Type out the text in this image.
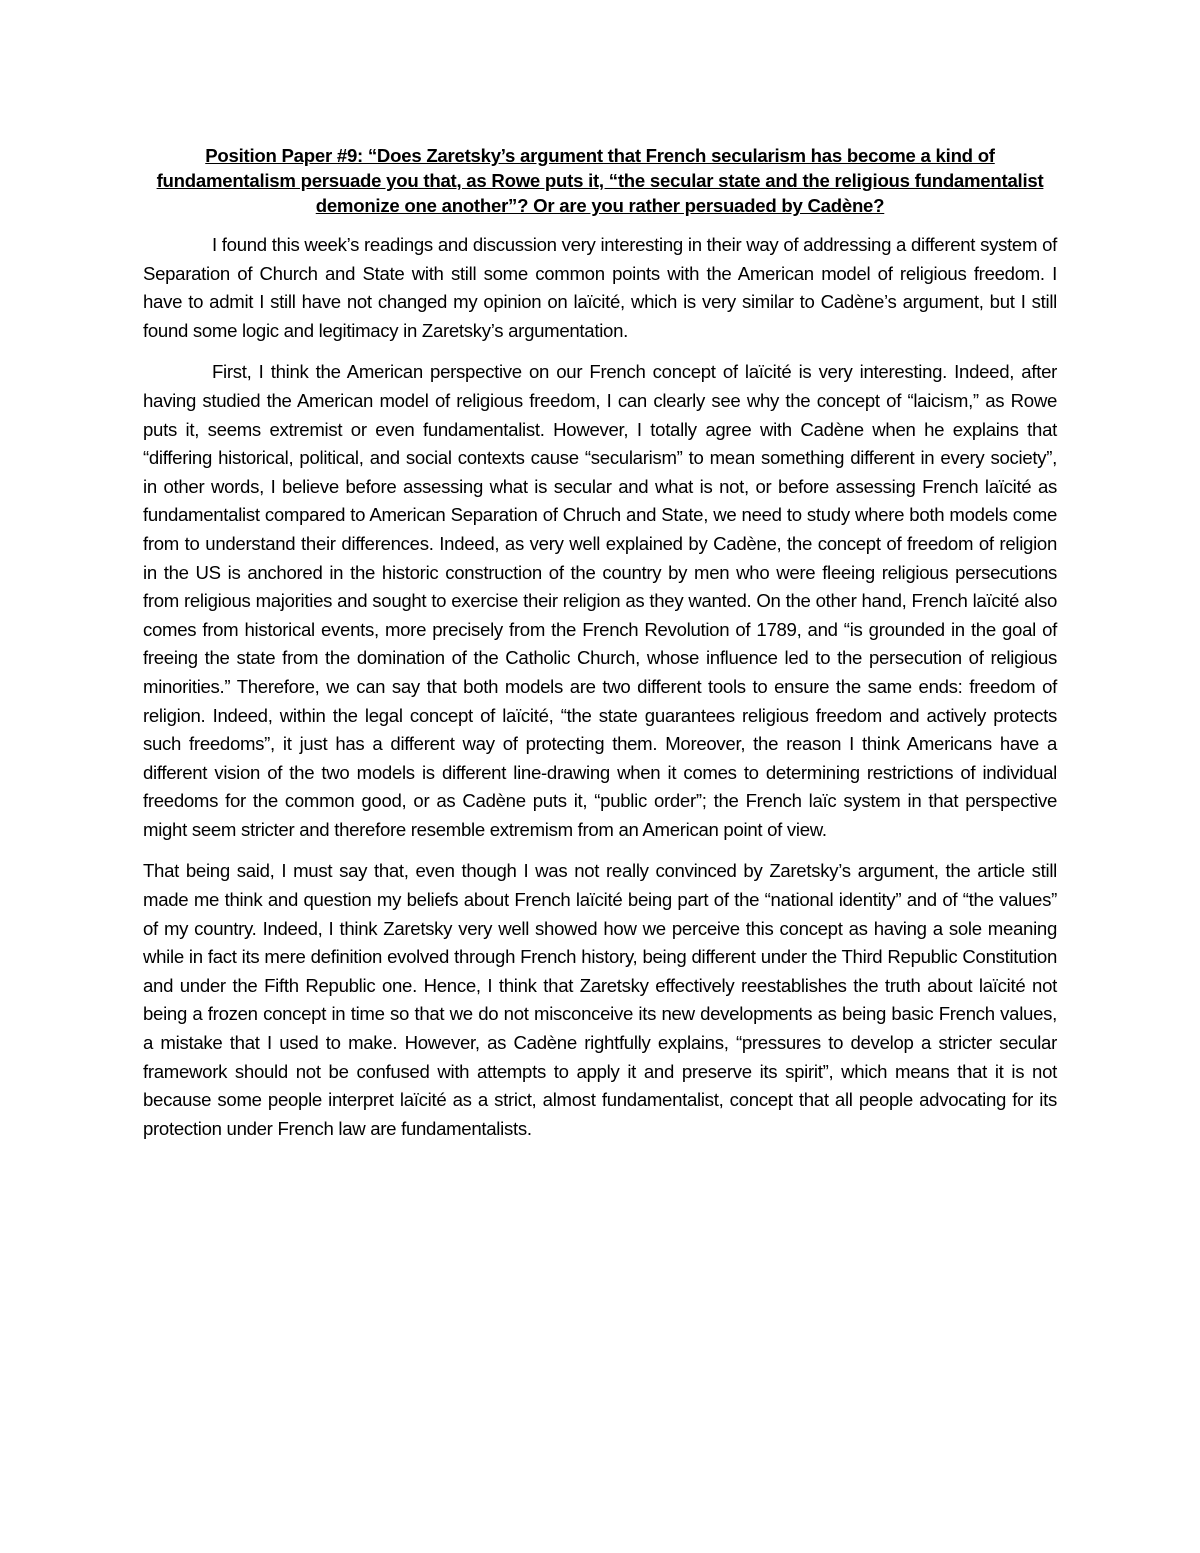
Position Paper #9: “Does Zaretsky’s argument that French secularism has become a kind of fundamentalism persuade you that, as Rowe puts it, “the secular state and the religious fundamentalist demonize one another”? Or are you rather persuaded by Cadène?

I found this week’s readings and discussion very interesting in their way of addressing a different system of Separation of Church and State with still some common points with the American model of religious freedom. I have to admit I still have not changed my opinion on laïcité, which is very similar to Cadène’s argument, but I still found some logic and legitimacy in Zaretsky’s argumentation.

First, I think the American perspective on our French concept of laïcité is very interesting. Indeed, after having studied the American model of religious freedom, I can clearly see why the concept of “laicism,” as Rowe puts it, seems extremist or even fundamentalist. However, I totally agree with Cadène when he explains that “differing historical, political, and social contexts cause “secularism” to mean something different in every society”, in other words, I believe before assessing what is secular and what is not, or before assessing French laïcité as fundamentalist compared to American Separation of Chruch and State, we need to study where both models come from to understand their differences. Indeed, as very well explained by Cadène, the concept of freedom of religion in the US is anchored in the historic construction of the country by men who were fleeing religious persecutions from religious majorities and sought to exercise their religion as they wanted. On the other hand, French laïcité also comes from historical events, more precisely from the French Revolution of 1789, and “is grounded in the goal of freeing the state from the domination of the Catholic Church, whose influence led to the persecution of religious minorities.” Therefore, we can say that both models are two different tools to ensure the same ends: freedom of religion. Indeed, within the legal concept of laïcité, “the state guarantees religious freedom and actively protects such freedoms”, it just has a different way of protecting them. Moreover, the reason I think Americans have a different vision of the two models is different line-drawing when it comes to determining restrictions of individual freedoms for the common good, or as Cadène puts it, “public order”; the French laïc system in that perspective might seem stricter and therefore resemble extremism from an American point of view.

That being said, I must say that, even though I was not really convinced by Zaretsky’s argument, the article still made me think and question my beliefs about French laïcité being part of the “national identity” and of “the values” of my country. Indeed, I think Zaretsky very well showed how we perceive this concept as having a sole meaning while in fact its mere definition evolved through French history, being different under the Third Republic Constitution and under the Fifth Republic one. Hence, I think that Zaretsky effectively reestablishes the truth about laïcité not being a frozen concept in time so that we do not misconceive its new developments as being basic French values, a mistake that I used to make. However, as Cadène rightfully explains, “pressures to develop a stricter secular framework should not be confused with attempts to apply it and preserve its spirit”, which means that it is not because some people interpret laïcité as a strict, almost fundamentalist, concept that all people advocating for its protection under French law are fundamentalists.
